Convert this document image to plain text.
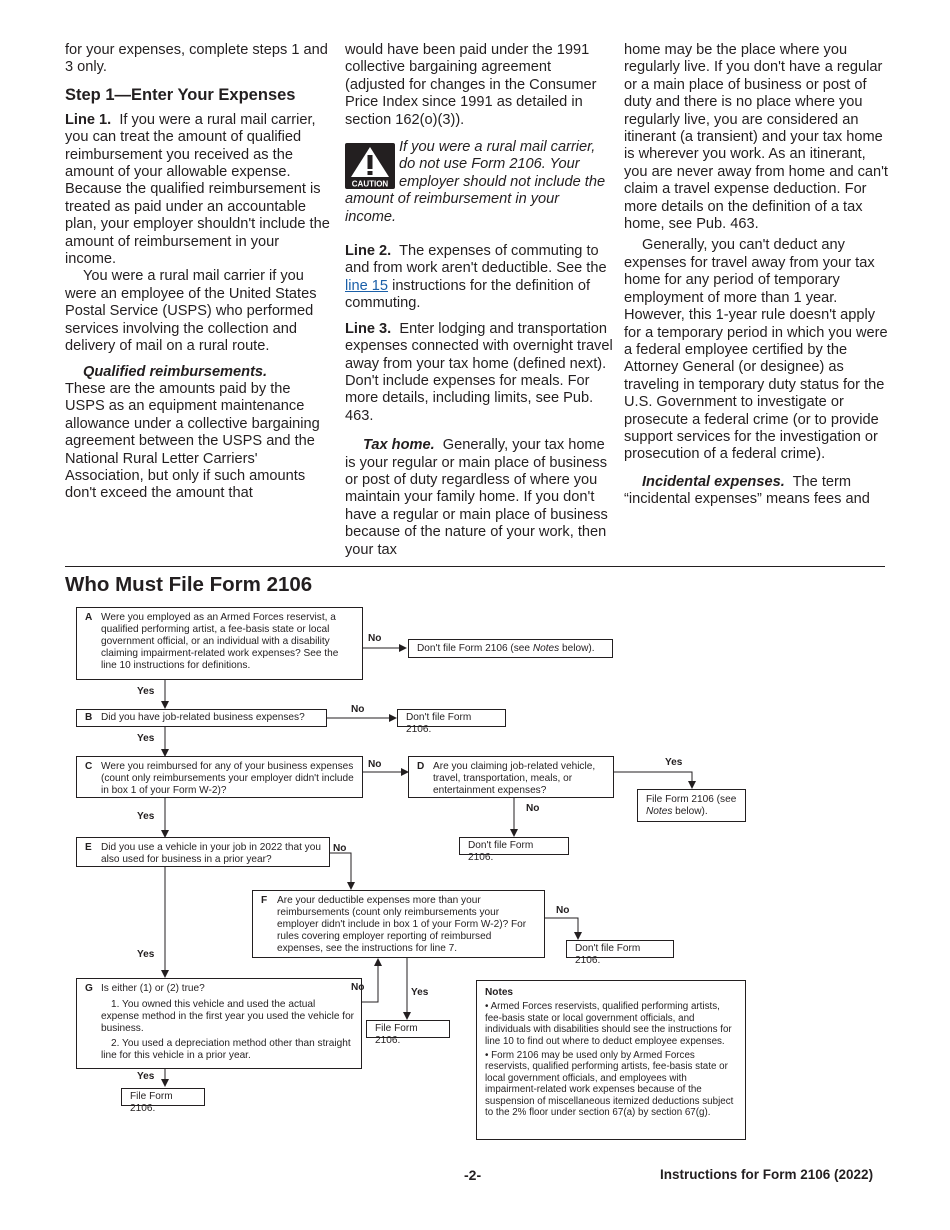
for your expenses, complete steps 1 and 3 only.

Step 1—Enter Your Expenses

Line 1. If you were a rural mail carrier, you can treat the amount of qualified reimbursement you received as the amount of your allowable expense. Because the qualified reimbursement is treated as paid under an accountable plan, your employer shouldn't include the amount of reimbursement in your income.

You were a rural mail carrier if you were an employee of the United States Postal Service (USPS) who performed services involving the collection and delivery of mail on a rural route.

Qualified reimbursements.

These are the amounts paid by the USPS as an equipment maintenance allowance under a collective bargaining agreement between the USPS and the National Rural Letter Carriers' Association, but only if such amounts don't exceed the amount that

would have been paid under the 1991 collective bargaining agreement (adjusted for changes in the Consumer Price Index since 1991 as detailed in section 162(o)(3)).

CAUTION

If you were a rural mail carrier, do not use Form 2106. Your employer should not include the amount of reimbursement in your income.

Line 2. The expenses of commuting to and from work aren't deductible. See the line 15 instructions for the definition of commuting.

Line 3. Enter lodging and transportation expenses connected with overnight travel away from your tax home (defined next). Don't include expenses for meals. For more details, including limits, see Pub. 463.

Tax home. Generally, your tax home is your regular or main place of business or post of duty regardless of where you maintain your family home. If you don't have a regular or main place of business because of the nature of your work, then your tax

home may be the place where you regularly live. If you don't have a regular or a main place of business or post of duty and there is no place where you regularly live, you are considered an itinerant (a transient) and your tax home is wherever you work. As an itinerant, you are never away from home and can't claim a travel expense deduction. For more details on the definition of a tax home, see Pub. 463.

Generally, you can't deduct any expenses for travel away from your tax home for any period of temporary employment of more than 1 year. However, this 1-year rule doesn't apply for a temporary period in which you were a federal employee certified by the Attorney General (or designee) as traveling in temporary duty status for the U.S. Government to investigate or prosecute a federal crime (or to provide support services for the investigation or prosecution of a federal crime).

Incidental expenses. The term “incidental expenses” means fees and

Who Must File Form 2106
A Were you employed as an Armed Forces reservist, a qualified performing artist, a fee-basis state or local government official, or an individual with a disability claiming impairment-related work expenses? See the line 10 instructions for definitions.
No
Don't file Form 2106 (see Notes below).
Yes
B Did you have job-related business expenses?
No
Don't file Form 2106.
Yes
C Were you reimbursed for any of your business expenses (count only reimbursements your employer didn't include in box 1 of your Form W-2)?
No	D Are you claiming job-related vehicle, travel, transportation, meals, or entertainment expenses?
Yes
File Form 2106 (see Notes below).
No
Don't file Form 2106.
Yes
E Did you use a vehicle in your job in 2022 that you also used for business in a prior year?
No
F Are your deductible expenses more than your reimbursements (count only reimbursements your employer didn't include in box 1 of your Form W-2)? For rules covering employer reporting of reimbursed expenses, see the instructions for line 7.
No
Don't file Form 2106.
Yes
G Is either (1) or (2) true?
1. You owned this vehicle and used the actual expense method in the first year you used the vehicle for business.
2. You used a depreciation method other than straight line for this vehicle in a prior year.
No	Yes
File Form 2106.
Yes
File Form 2106.
Notes

• Armed Forces reservists, qualified performing artists, fee-basis state or local government officials, and individuals with disabilities should see the instructions for line 10 to find out where to deduct employee expenses.

• Form 2106 may be used only by Armed Forces reservists, qualified performing artists, fee-basis state or local government officials, and employees with impairment-related work expenses because of the suspension of miscellaneous itemized deductions subject to the 2% floor under section 67(a) by section 67(g).

-2-	Instructions for Form 2106 (2022)
